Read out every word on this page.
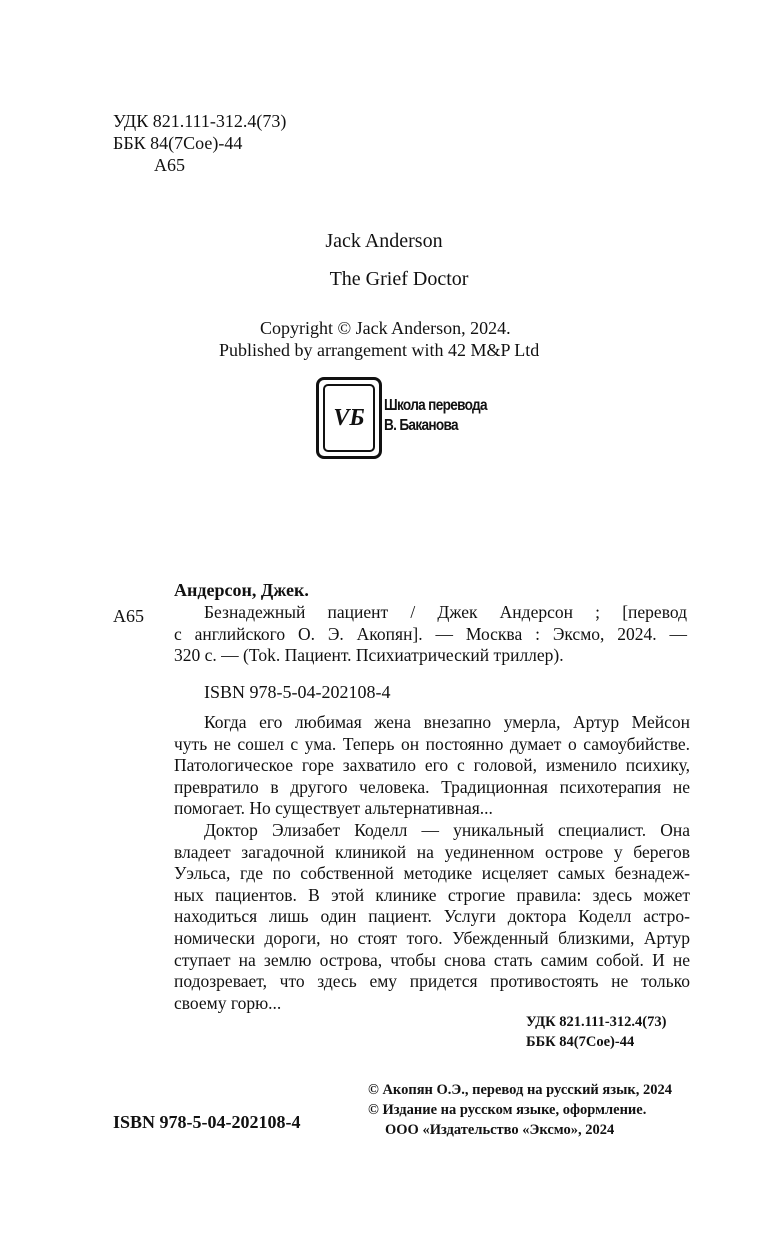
УДК 821.111-312.4(73)
ББК 84(7Сое)-44
А65
Jack Anderson
The Grief Doctor
Copyright © Jack Anderson, 2024.
Published by arrangement with 42 M&P Ltd
VБ	Школа перевода
В. Баканова
Андерсон, Джек.
А65	Безнадежный пациент / Джек Андерсон ; [перевод
с английского О. Э. Акопян]. — Москва : Эксмо, 2024. —
320 с. — (Tok. Пациент. Психиатрический триллер).
ISBN 978-5-04-202108-4
Когда его любимая жена внезапно умерла, Артур Мейсон
чуть не сошел с ума. Теперь он постоянно думает о самоубийстве.
Патологическое горе захватило его с головой, изменило психику,
превратило в другого человека. Традиционная психотерапия не
помогает. Но существует альтернативная...
Доктор Элизабет Коделл — уникальный специалист. Она
владеет загадочной клиникой на уединенном острове у берегов
Уэльса, где по собственной методике исцеляет самых безнадеж-
ных пациентов. В этой клинике строгие правила: здесь может
находиться лишь один пациент. Услуги доктора Коделл астро-
номически дороги, но стоят того. Убежденный близкими, Артур
ступает на землю острова, чтобы снова стать самим собой. И не
подозревает, что здесь ему придется противостоять не только
своему горю...
УДК 821.111-312.4(73)
ББК 84(7Сое)-44
ISBN 978-5-04-202108-4
© Акопян О.Э., перевод на русский язык, 2024
© Издание на русском языке, оформление.
ООО «Издательство «Эксмо», 2024
